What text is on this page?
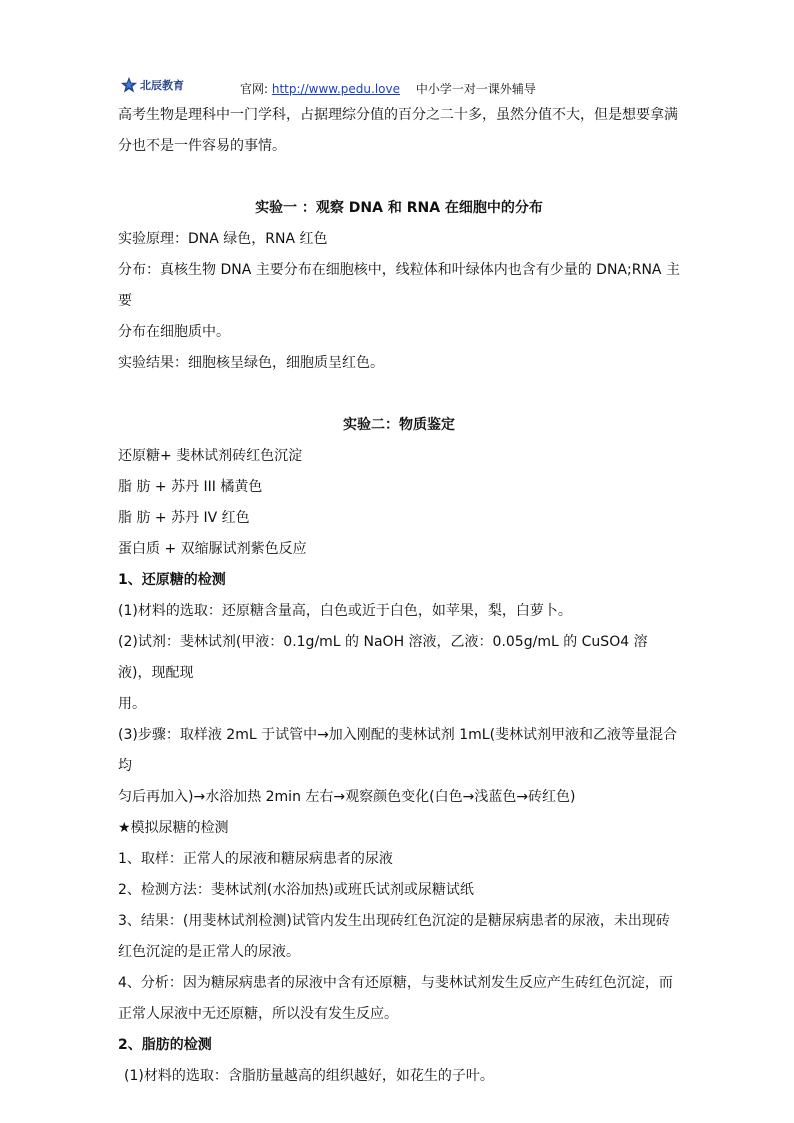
北辰教育	官网: http://www.pedu.love 中小学一对一课外辅导

高考生物是理科中一门学科，占据理综分值的百分之二十多，虽然分值不大，但是想要拿满

分也不是一件容易的事情。

实验一 ：观察 DNA 和 RNA 在细胞中的分布

实验原理：DNA 绿色，RNA 红色

分布：真核生物 DNA 主要分布在细胞核中，线粒体和叶绿体内也含有少量的 DNA;RNA 主要

分布在细胞质中。

实验结果：细胞核呈绿色，细胞质呈红色。

实验二：物质鉴定

还原糖+ 斐林试剂砖红色沉淀

脂 肪 + 苏丹 III 橘黄色

脂 肪 + 苏丹 IV 红色

蛋白质 + 双缩脲试剂紫色反应

1、还原糖的检测

(1)材料的选取：还原糖含量高，白色或近于白色，如苹果，梨，白萝卜。

(2)试剂：斐林试剂(甲液：0.1g/mL 的 NaOH 溶液，乙液：0.05g/mL 的 CuSO4 溶液)，现配现

用。

(3)步骤：取样液 2mL 于试管中→加入刚配的斐林试剂 1mL(斐林试剂甲液和乙液等量混合均

匀后再加入)→水浴加热 2min 左右→观察颜色变化(白色→浅蓝色→砖红色)

★模拟尿糖的检测

1、取样：正常人的尿液和糖尿病患者的尿液

2、检测方法：斐林试剂(水浴加热)或班氏试剂或尿糖试纸

3、结果：(用斐林试剂检测)试管内发生出现砖红色沉淀的是糖尿病患者的尿液，未出现砖

红色沉淀的是正常人的尿液。

4、分析：因为糖尿病患者的尿液中含有还原糖，与斐林试剂发生反应产生砖红色沉淀，而

正常人尿液中无还原糖，所以没有发生反应。

2、脂肪的检测

(1)材料的选取：含脂肪量越高的组织越好，如花生的子叶。
